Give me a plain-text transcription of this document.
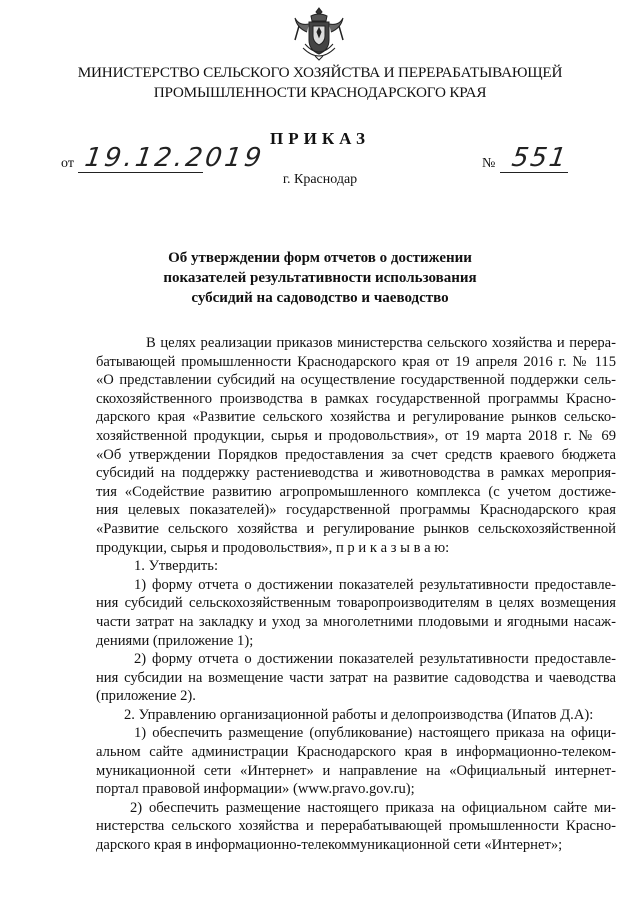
МИНИСТЕРСТВО СЕЛЬСКОГО ХОЗЯЙСТВА И ПЕРЕРАБАТЫВАЮЩЕЙ
ПРОМЫШЛЕННОСТИ КРАСНОДАРСКОГО КРАЯ
ПРИКАЗ
от 19.12.2019	№ 551
г. Краснодар
Об утверждении форм отчетов о достижении
показателей результативности использования
субсидий на садоводство и чаеводство
В целях реализации приказов министерства сельского хозяйства и перера-
батывающей промышленности Краснодарского края от 19 апреля 2016 г. № 115
«О представлении субсидий на осуществление государственной поддержки сель-
скохозяйственного производства в рамках государственной программы Красно-
дарского края «Развитие сельского хозяйства и регулирование рынков сельско-
хозяйственной продукции, сырья и продовольствия», от 19 марта 2018 г. № 69
«Об утверждении Порядков предоставления за счет средств краевого бюджета
субсидий на поддержку растениеводства и животноводства в рамках мероприя-
тия «Содействие развитию агропромышленного комплекса (с учетом достиже-
ния целевых показателей)» государственной программы Краснодарского края
«Развитие сельского хозяйства и регулирование рынков сельскохозяйственной
продукции, сырья и продовольствия», п р и к а з ы в а ю:
1. Утвердить:
1) форму отчета о достижении показателей результативности предоставле-
ния субсидий сельскохозяйственным товаропроизводителям в целях возмещения
части затрат на закладку и уход за многолетними плодовыми и ягодными насаж-
дениями (приложение 1);
2) форму отчета о достижении показателей результативности предоставле-
ния субсидии на возмещение части затрат на развитие садоводства и чаеводства
(приложение 2).
2. Управлению организационной работы и делопроизводства (Ипатов Д.А):
1) обеспечить размещение (опубликование) настоящего приказа на офици-
альном сайте администрации Краснодарского края в информационно-телеком-
муникационной сети «Интернет» и направление на «Официальный интернет-
портал правовой информации» (www.pravo.gov.ru);
2) обеспечить размещение настоящего приказа на официальном сайте ми-
нистерства сельского хозяйства и перерабатывающей промышленности Красно-
дарского края в информационно-телекоммуникационной сети «Интернет»;
